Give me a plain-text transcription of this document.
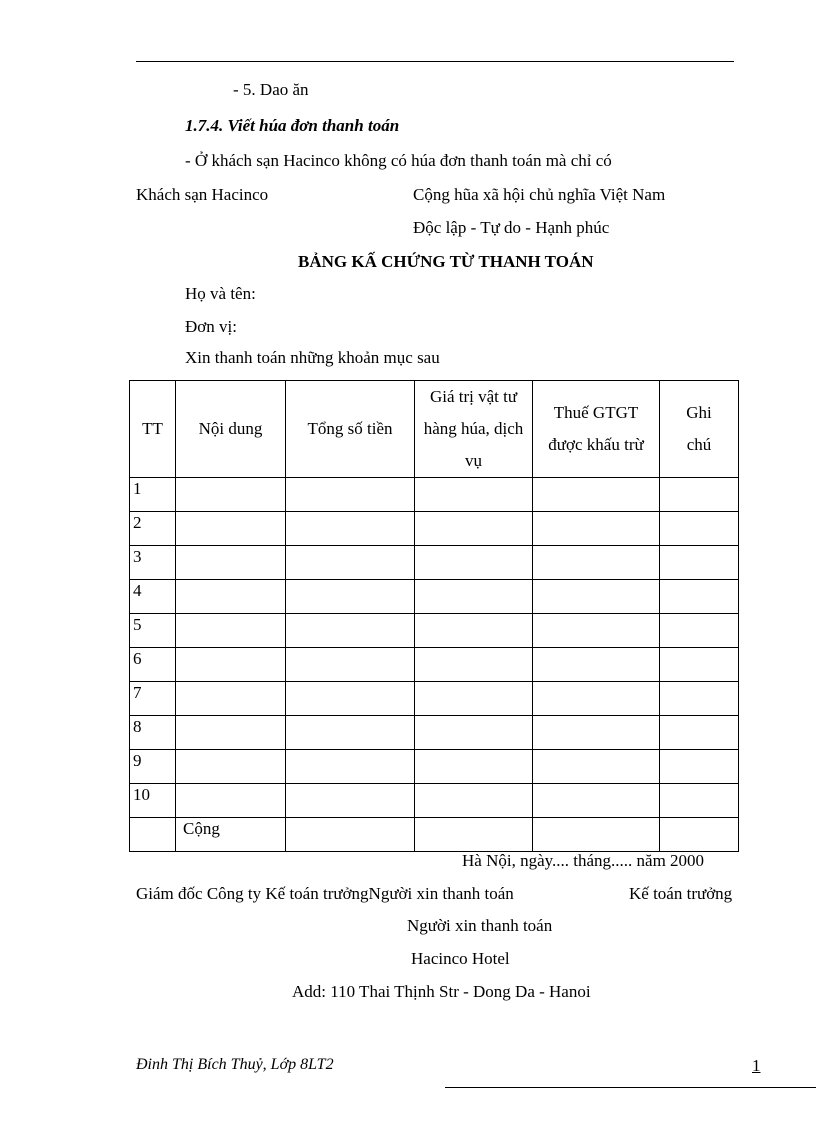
- 5. Dao ăn
1.7.4. Viết húa đơn thanh toán
- Ở khách sạn Hacinco không có húa đơn thanh toán mà chỉ có
Khách sạn Hacinco	Cộng hũa xã hội chủ nghĩa Việt Nam
Độc lập - Tự do - Hạnh phúc
BẢNG KẤ CHỨNG TỪ THANH TOÁN
Họ và tên:
Đơn vị:
Xin thanh toán những khoản mục sau
TT	Nội dung	Tổng số tiền	Giá trị vật tư hàng húa, dịch vụ	Thuế GTGT được khấu trừ	Ghi chú
1					
2					
3					
4					
5					
6					
7					
8					
9					
10					
	Cộng				
Hà Nội, ngày.... tháng..... năm 2000
Giám đốc Công ty Kế toán trưởngNgười xin thanh toán	Kế toán trưởng
Người xin thanh toán
Hacinco Hotel
Add: 110 Thai Thịnh Str - Dong Da - Hanoi
Đinh Thị Bích Thuỷ, Lớp 8LT2	1
